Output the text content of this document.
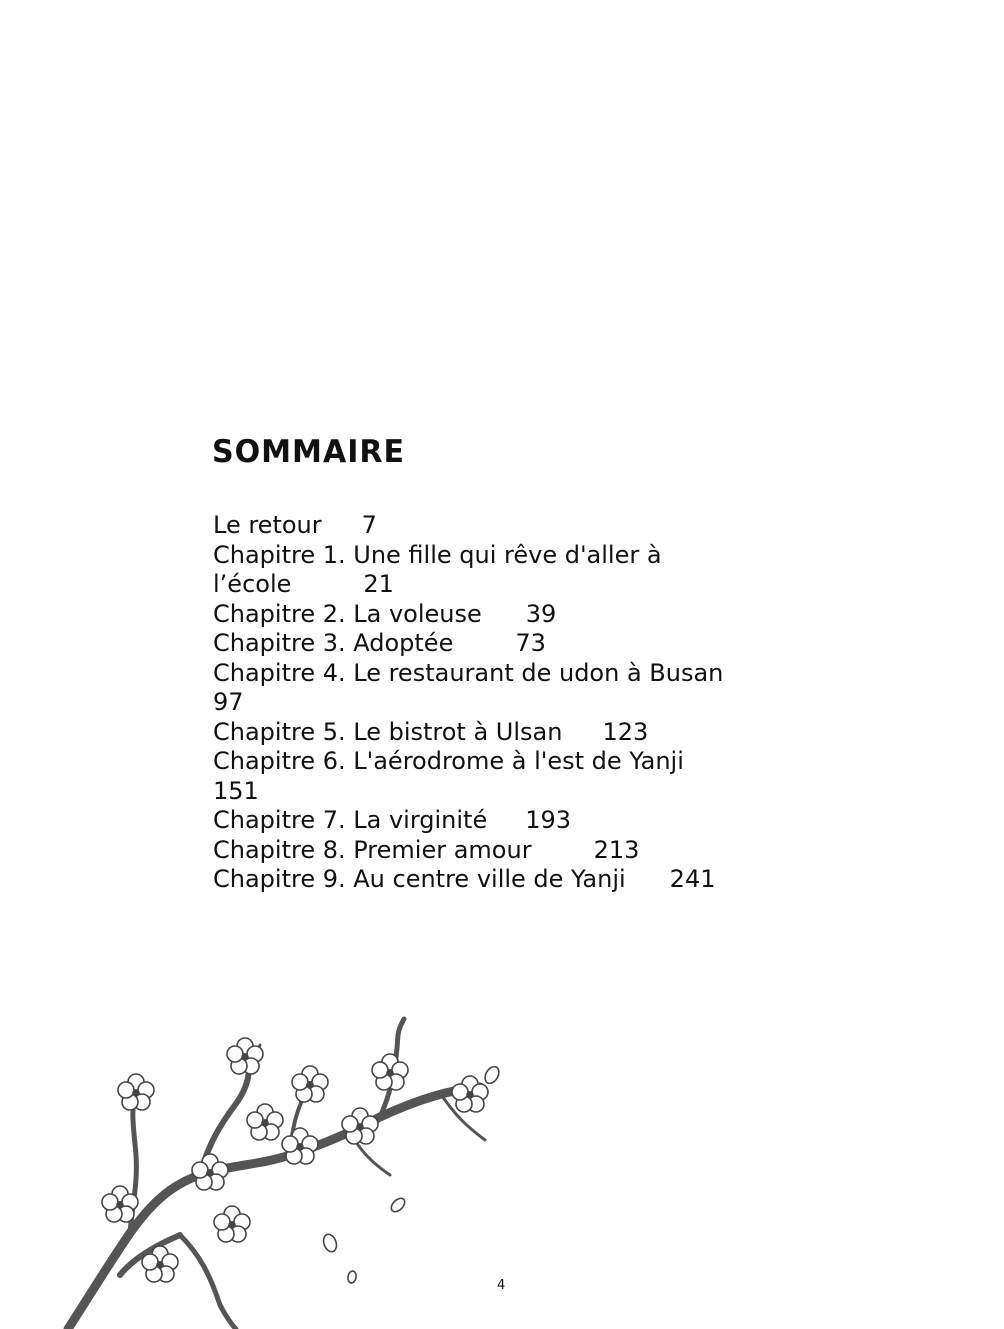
SOMMAIRE
Le retour 7
Chapitre 1. Une fille qui rêve d'aller à
l’école	21
Chapitre 2. La voleuse 39
Chapitre 3. Adoptée	73
Chapitre 4. Le restaurant de udon à Busan
97
Chapitre 5. Le bistrot à Ulsan 123
Chapitre 6. L'aérodrome à l'est de Yanji
151
Chapitre 7. La virginité 193
Chapitre 8. Premier amour	213
Chapitre 9. Au centre ville de Yanji 241
4
